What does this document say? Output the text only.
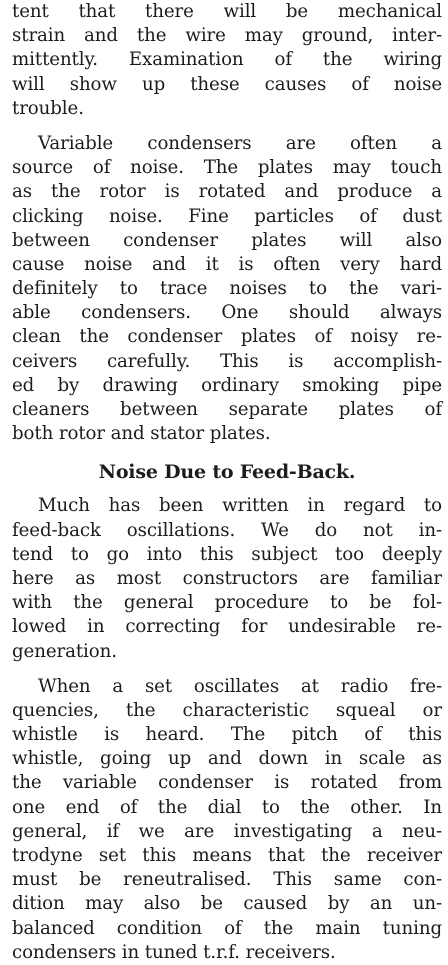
tent that there will be mechanical
strain and the wire may ground, inter-
mittently. Examination of the wiring
will show up these causes of noise
trouble.
Variable condensers are often a
source of noise. The plates may touch
as the rotor is rotated and produce a
clicking noise. Fine particles of dust
between condenser plates will also
cause noise and it is often very hard
definitely to trace noises to the vari-
able condensers. One should always
clean the condenser plates of noisy re-
ceivers carefully. This is accomplish-
ed by drawing ordinary smoking pipe
cleaners between separate plates of
both rotor and stator plates.
Noise Due to Feed-Back.
Much has been written in regard to
feed-back oscillations. We do not in-
tend to go into this subject too deeply
here as most constructors are familiar
with the general procedure to be fol-
lowed in correcting for undesirable re-
generation.
When a set oscillates at radio fre-
quencies, the characteristic squeal or
whistle is heard. The pitch of this
whistle, going up and down in scale as
the variable condenser is rotated from
one end of the dial to the other. In
general, if we are investigating a neu-
trodyne set this means that the receiver
must be reneutralised. This same con-
dition may also be caused by an un-
balanced condition of the main tuning
condensers in tuned t.r.f. receivers.
